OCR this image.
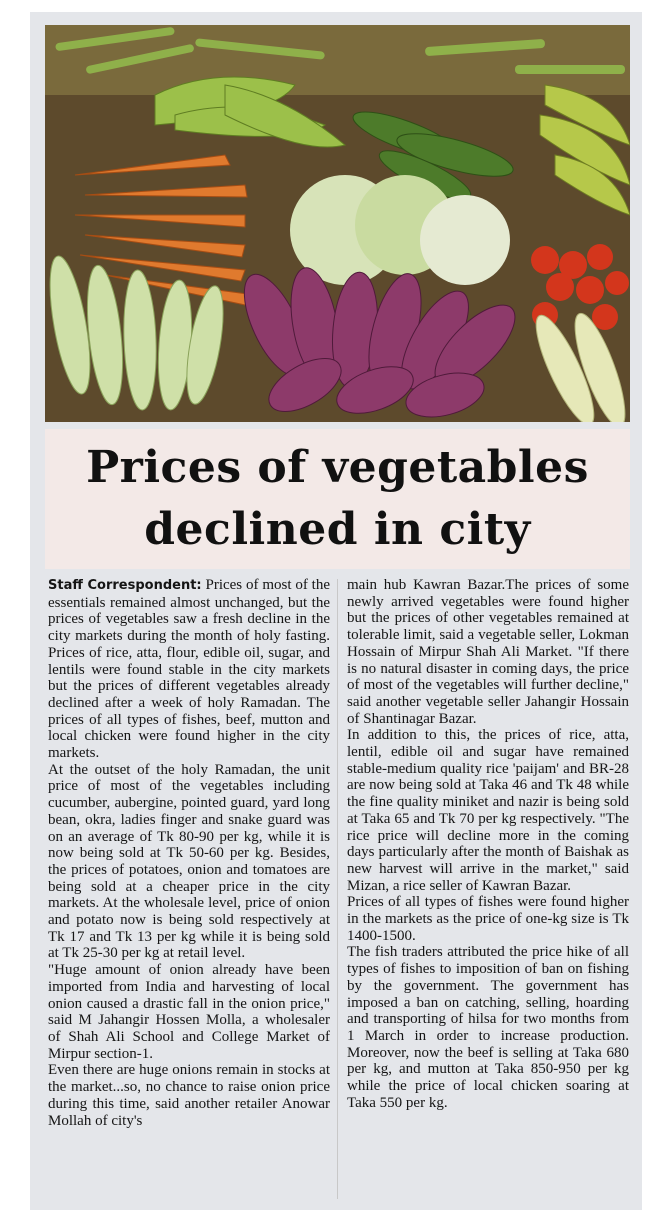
Prices of vegetables
declined in city

Staff Correspondent: Prices of most of the essentials remained almost unchanged, but the prices of vegetables saw a fresh decline in the city markets during the month of holy fasting. Prices of rice, atta, flour, edible oil, sugar, and lentils were found stable in the city markets but the prices of different vegetables already declined after a week of holy Ramadan. The prices of all types of fishes, beef, mutton and local chicken were found higher in the city markets.

At the outset of the holy Ramadan, the unit price of most of the vegetables including cucumber, aubergine, pointed guard, yard long bean, okra, ladies finger and snake guard was on an average of Tk 80-90 per kg, while it is now being sold at Tk 50-60 per kg. Besides, the prices of potatoes, onion and tomatoes are being sold at a cheaper price in the city markets. At the wholesale level, price of onion and potato now is being sold respectively at Tk 17 and Tk 13 per kg while it is being sold at Tk 25-30 per kg at retail level.

"Huge amount of onion already have been imported from India and harvesting of local onion caused a drastic fall in the onion price," said M Jahangir Hossen Molla, a wholesaler of Shah Ali School and College Market of Mirpur section-1.

Even there are huge onions remain in stocks at the market...so, no chance to raise onion price during this time, said another retailer Anowar Mollah of city's

main hub Kawran Bazar.The prices of some newly arrived vegetables were found higher but the prices of other vegetables remained at tolerable limit, said a vegetable seller, Lokman Hossain of Mirpur Shah Ali Market. "If there is no natural disaster in coming days, the price of most of the vegetables will further decline," said another vegetable seller Jahangir Hossain of Shantinagar Bazar.

In addition to this, the prices of rice, atta, lentil, edible oil and sugar have remained stable-medium quality rice 'paijam' and BR-28 are now being sold at Taka 46 and Tk 48 while the fine quality miniket and nazir is being sold at Taka 65 and Tk 70 per kg respectively. "The rice price will decline more in the coming days particularly after the month of Baishak as new harvest will arrive in the market," said Mizan, a rice seller of Kawran Bazar.

Prices of all types of fishes were found higher in the markets as the price of one-kg size is Tk 1400-1500.

The fish traders attributed the price hike of all types of fishes to imposition of ban on fishing by the government. The government has imposed a ban on catching, selling, hoarding and transporting of hilsa for two months from 1 March in order to increase production. Moreover, now the beef is selling at Taka 680 per kg, and mutton at Taka 850-950 per kg while the price of local chicken soaring at Taka 550 per kg.
